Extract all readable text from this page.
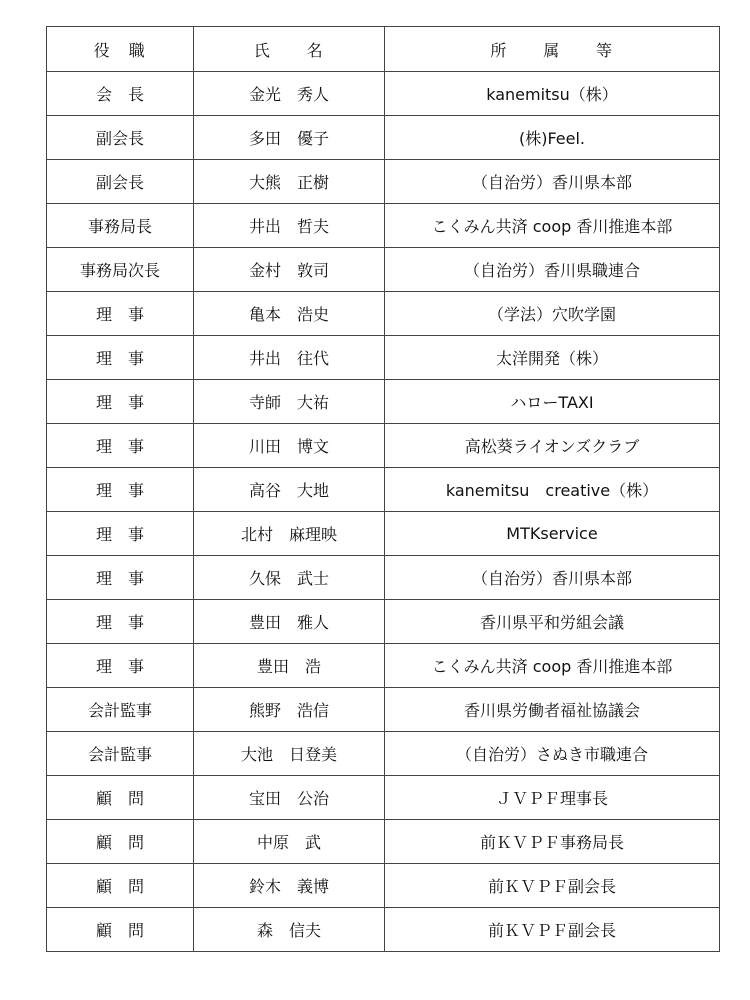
役　職	氏　　名	所　　属　　等
会　長	金光　秀人	kanemitsu（株）
副会長	多田　優子	(株)Feel.
副会長	大熊　正樹	（自治労）香川県本部
事務局長	井出　哲夫	こくみん共済 coop 香川推進本部
事務局次長	金村　敦司	（自治労）香川県職連合
理　事	亀本　浩史	（学法）穴吹学園
理　事	井出　往代	太洋開発（株）
理　事	寺師　大祐	ハローTAXI
理　事	川田　博文	高松葵ライオンズクラブ
理　事	高谷　大地	kanemitsu　creative（株）
理　事	北村　麻理映	MTKservice
理　事	久保　武士	（自治労）香川県本部
理　事	豊田　雅人	香川県平和労組会議
理　事	豊田　浩	こくみん共済 coop 香川推進本部
会計監事	熊野　浩信	香川県労働者福祉協議会
会計監事	大池　日登美	（自治労）さぬき市職連合
顧　問	宝田　公治	ＪＶＰＦ理事長
顧　問	中原　武	前ＫＶＰＦ事務局長
顧　問	鈴木　義博	前ＫＶＰＦ副会長
顧　問	森　信夫	前ＫＶＰＦ副会長
